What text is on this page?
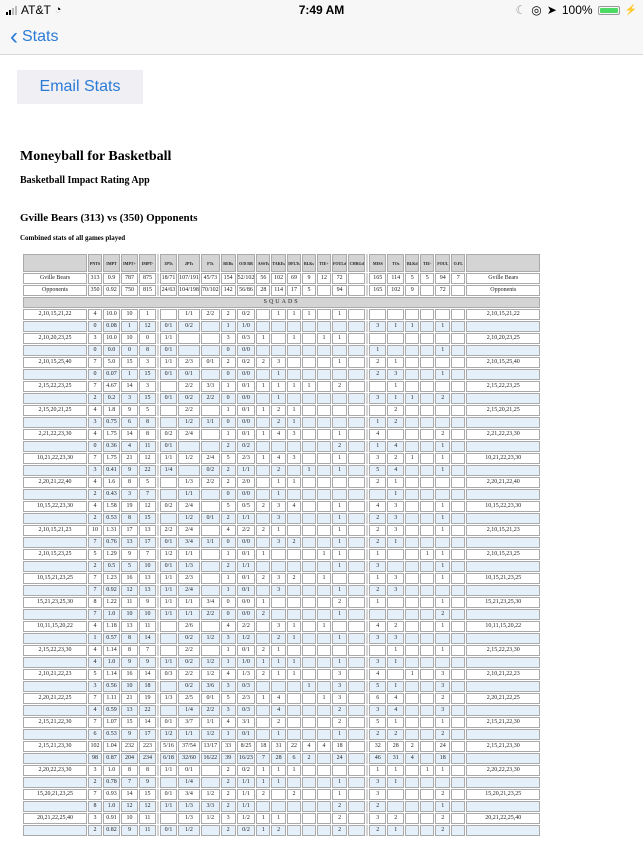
AT&T ◔	7:49 AM	☾ ◎ ➤ 100%	⚡
‹ Stats
Email Stats
Moneyball for Basketball
Basketball Impact Rating App
Gville Bears (313) vs (350) Opponents
Combined stats of all games played
	PNTS	IMPT	IMPT+	IMPT-		3PTs	2PTs	FTs	REBs	O/D RB	ASSTs	TAKEs	DFLTs	BLKs	TIE+	FOULd	CHRGd		MISS	TOs	BLKd	TIE-	FOUL	O.FL	
Gville Bears	313	0.9	787	875		18/71	107/191	45/73	154	52/102	56	102	69	9	12	72			165	114	5	5	94	7	Gville Bears
Opponents	350	0.92	750	815		24/63	104/198	70/102	142	56/86	28	114	17	5		94			165	102	9		72		Opponents
SQUADS																									
2,10,15,21,22	4	10.0	10	1			1/1	2/2	2	0/2		1	1	1		1									2,10,15,21,22
	0	0.08	1	12		0/1	0/2		1	1/0									3	1	1		1		
2,10,20,23,25	3	10.0	10	0		1/1			3	0/3	1		1		1	1									2,10,20,23,25
	0	0.0	0	8		0/1			0	0/0									1				1		
2,10,15,25,40	7	5.0	15	3		1/1	2/3	0/1	2	0/2	2	3				1			2	1					2,10,15,25,40
	0	0.07	1	15		0/1	0/1		0	0/0		1							2	3			1		
2,15,22,23,25	7	4.67	14	3			2/2	3/3	1	0/1	1	1	1	1		2				1					2,15,22,23,25
	2	0.2	3	15		0/1	0/2	2/2	0	0/0		1							3	1	1		2		
2,15,20,21,25	4	1.8	9	5			2/2		1	0/1	1	2	1							2					2,15,20,21,25
	3	0.75	6	8			1/2	1/1	0	0/0		2	1						1	2					
2,21,22,23,30	4	1.75	14	8		0/2	2/4		1	0/1	1	4	3			1			4				2		2,21,22,23,30
	0	0.36	4	11		0/1			2	0/2						2			1	4			1		
10,21,22,23,30	7	1.75	21	12		1/1	1/2	2/4	5	2/3	1	4	3			1			3	2	1		1		10,21,22,23,30
	3	0.41	9	22		1/4		0/2	2	1/1		2		1		1			5	4			1		
2,20,21,22,40	4	1.6	8	5			1/3	2/2	2	2/0		1	1						2	1					2,20,21,22,40
	2	0.43	3	7			1/1		0	0/0		1								1					
10,15,22,23,30	4	1.58	19	12		0/2	2/4		5	0/5	2	3	4			1			4	3			1		10,15,22,23,30
	2	0.53	8	15			1/2	0/1	2	1/1		3				1			2	3			1		
2,10,15,21,23	10	1.31	17	13		2/2	2/4		4	2/2	2	1				1			2	3			1		2,10,15,21,23
	7	0.76	13	17		0/1	3/4	1/1	0	0/0		3	2			1			2	1					
2,10,15,23,25	5	1.29	9	7		1/2	1/1		1	0/1	1				1	1			1			1	1		2,10,15,23,25
	2	0.5	5	10		0/1	1/3		2	1/1						1			3				1		
10,15,21,23,25	7	1.23	16	13		1/1	2/3		1	0/1	2	3	2		1				1	3			1		10,15,21,23,25
	7	0.92	12	13		1/1	2/4		1	0/1		3				1			2	3					
15,21,23,25,30	8	1.22	11	9		1/1	1/1	3/4	0	0/0	1					2			1				1		15,21,23,25,30
	7	1.0	10	10		1/1	1/1	2/2	0	0/0	2					1							2		
10,11,15,20,22	4	1.18	13	11			2/6		4	2/2		3	1		1				4	2			1		10,11,15,20,22
	1	0.57	8	14			0/2	1/2	3	1/2		2	1			1			3	3					
2,15,22,23,30	4	1.14	8	7			2/2		1	0/1	2	1								1			1		2,15,22,23,30
	4	1.0	9	9		1/1	0/2	1/2	1	1/0	1	1	1			1			3	1					
2,10,21,22,23	5	1.14	16	14		0/3	2/2	1/2	4	1/3	2	1	1			3			4		1		3		2,10,21,22,23
	3	0.56	10	18			0/2	3/6	3	0/3				1		3			5	1			3		
2,20,21,22,25	7	1.11	21	19		1/3	2/5	0/1	5	2/3	1	4			1	3			6	4			2		2,20,21,22,25
	4	0.59	13	22			1/4	2/2	3	0/3		4				2			3	4			3		
2,15,21,22,30	7	1.07	15	14		0/1	3/7	1/1	4	3/1		2				2			5	1			1		2,15,21,22,30
	6	0.53	9	17		1/2	1/1	1/2	1	0/1		1				1			2	2			2		
2,15,21,23,30	102	1.04	232	223		5/16	37/54	13/17	33	8/25	18	31	22	4	4	18			32	28	2		24		2,15,21,23,30
	98	0.87	204	234		6/18	32/60	16/22	39	16/23	7	28	6	2		24			46	31	4		18		
2,20,22,23,30	3	1.0	8	8		1/1	0/1		2	0/2	1	1	1						1	1		1	1		2,20,22,23,30
	2	0.78	7	9			1/4		2	1/1	1	1				1			3	1					
15,20,21,23,25	7	0.93	14	15		0/1	3/4	1/2	2	1/1	2		2			1			3				2		15,20,21,23,25
	8	1.0	12	12		1/1	1/3	3/3	2	1/1						2			2				1		
20,21,22,25,40	3	0.91	10	11			1/3	1/2	3	1/2	1	1				2			3	2			2		20,21,22,25,40
	2	0.82	9	11		0/1	1/2		2	0/2	1	2				2			2	1			2		
